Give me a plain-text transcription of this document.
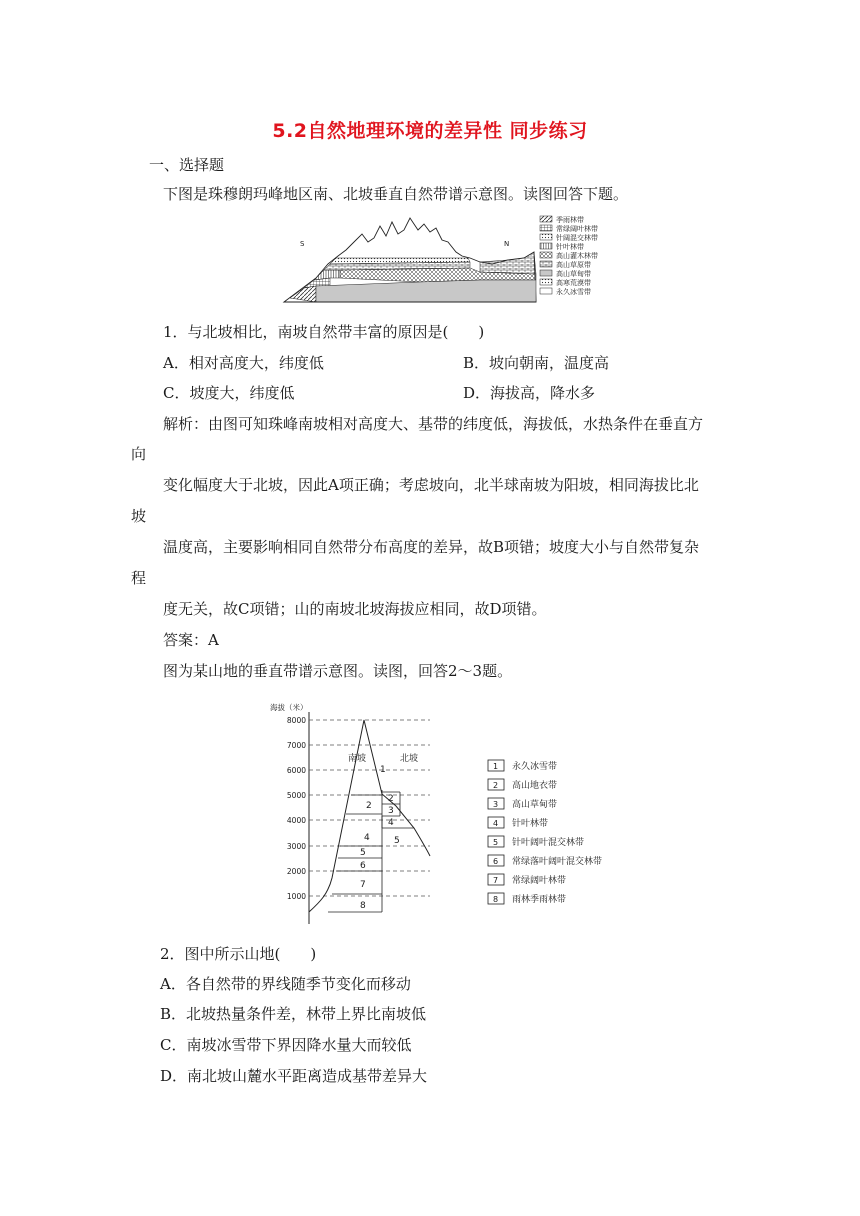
5.2自然地理环境的差异性 同步练习
一、选择题
下图是珠穆朗玛峰地区南、北坡垂直自然带谱示意图。读图回答下题。
S	N
季雨林带
常绿阔叶林带
针阔混交林带
针叶林带
高山灌木林带
高山草原带
高山草甸带
高寒荒漠带
永久冰雪带
1．与北坡相比，南坡自然带丰富的原因是(　　)
A．相对高度大，纬度低	B．坡向朝南，温度高
C．坡度大，纬度低	D．海拔高，降水多
解析：由图可知珠峰南坡相对高度大、基带的纬度低，海拔低，水热条件在垂直方
向
变化幅度大于北坡，因此A项正确；考虑坡向，北半球南坡为阳坡，相同海拔比北
坡
温度高，主要影响相同自然带分布高度的差异，故B项错；坡度大小与自然带复杂
程
度无关，故C项错；山的南坡北坡海拔应相同，故D项错。
答案：A
图为某山地的垂直带谱示意图。读图，回答2～3题。
海拔（米）
8000
7000
6000
5000
4000
3000
2000
1000
南坡	北坡
1
2
2
3
4
4
5
5
6
7
8
1 永久冰雪带
2 高山地衣带
3 高山草甸带
4 针叶林带
5 针叶阔叶混交林带
6 常绿落叶阔叶混交林带
7 常绿阔叶林带
8 雨林季雨林带
2．图中所示山地(　　)
A．各自然带的界线随季节变化而移动
B．北坡热量条件差，林带上界比南坡低
C．南坡冰雪带下界因降水量大而较低
D．南北坡山麓水平距离造成基带差异大
